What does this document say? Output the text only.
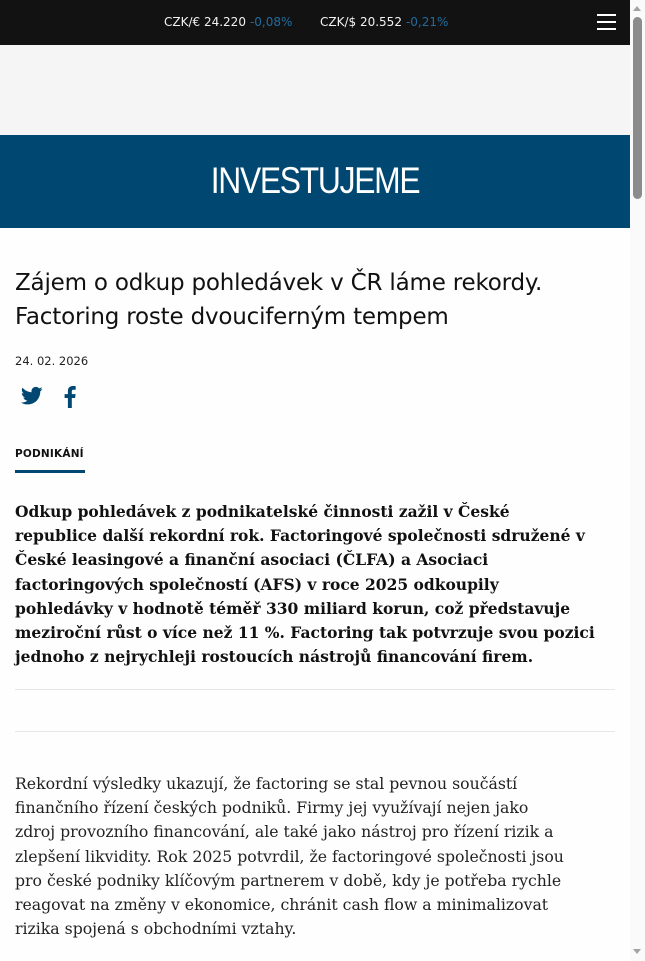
CZK/€ 24.220 -0,08% CZK/$ 20.552 -0,21%
INVESTUJEME
Zájem o odkup pohledávek v ČR láme rekordy.
Factoring roste dvouciferným tempem
24. 02. 2026
PODNIKÁNÍ
Odkup pohledávek z podnikatelské činnosti zažil v České
republice další rekordní rok. Factoringové společnosti sdružené v
České leasingové a finanční asociaci (ČLFA) a Asociaci
factoringových společností (AFS) v roce 2025 odkoupily
pohledávky v hodnotě téměř 330 miliard korun, což představuje
meziroční růst o více než 11 %. Factoring tak potvrzuje svou pozici
jednoho z nejrychleji rostoucích nástrojů financování firem.
Rekordní výsledky ukazují, že factoring se stal pevnou součástí
finančního řízení českých podniků. Firmy jej využívají nejen jako
zdroj provozního financování, ale také jako nástroj pro řízení rizik a
zlepšení likvidity. Rok 2025 potvrdil, že factoringové společnosti jsou
pro české podniky klíčovým partnerem v době, kdy je potřeba rychle
reagovat na změny v ekonomice, chránit cash flow a minimalizovat
rizika spojená s obchodními vztahy.
